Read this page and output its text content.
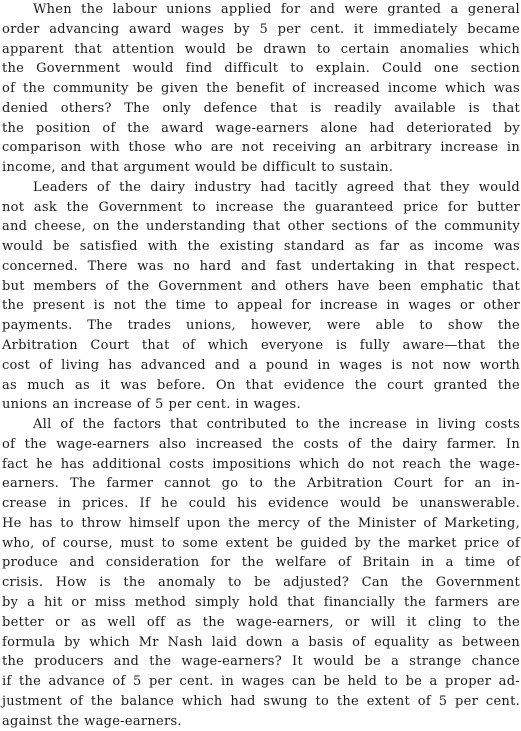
When the labour unions applied for and were granted a general
order advancing award wages by 5 per cent. it immediately became
apparent that attention would be drawn to certain anomalies which
the Government would find difficult to explain. Could one section
of the community be given the benefit of increased income which was
denied others? The only defence that is readily available is that
the position of the award wage-earners alone had deteriorated by
comparison with those who are not receiving an arbitrary increase in
income, and that argument would be difficult to sustain.
Leaders of the dairy industry had tacitly agreed that they would
not ask the Government to increase the guaranteed price for butter
and cheese, on the understanding that other sections of the community
would be satisfied with the existing standard as far as income was
concerned. There was no hard and fast undertaking in that respect.
but members of the Government and others have been emphatic that
the present is not the time to appeal for increase in wages or other
payments. The trades unions, however, were able to show the
Arbitration Court that of which everyone is fully aware—that the
cost of living has advanced and a pound in wages is not now worth
as much as it was before. On that evidence the court granted the
unions an increase of 5 per cent. in wages.
All of the factors that contributed to the increase in living costs
of the wage-earners also increased the costs of the dairy farmer. In
fact he has additional costs impositions which do not reach the wage-
earners. The farmer cannot go to the Arbitration Court for an in-
crease in prices. If he could his evidence would be unanswerable.
He has to throw himself upon the mercy of the Minister of Marketing,
who, of course, must to some extent be guided by the market price of
produce and consideration for the welfare of Britain in a time of
crisis. How is the anomaly to be adjusted? Can the Government
by a hit or miss method simply hold that financially the farmers are
better or as well off as the wage-earners, or will it cling to the
formula by which Mr Nash laid down a basis of equality as between
the producers and the wage-earners? It would be a strange chance
if the advance of 5 per cent. in wages can be held to be a proper ad-
justment of the balance which had swung to the extent of 5 per cent.
against the wage-earners.
